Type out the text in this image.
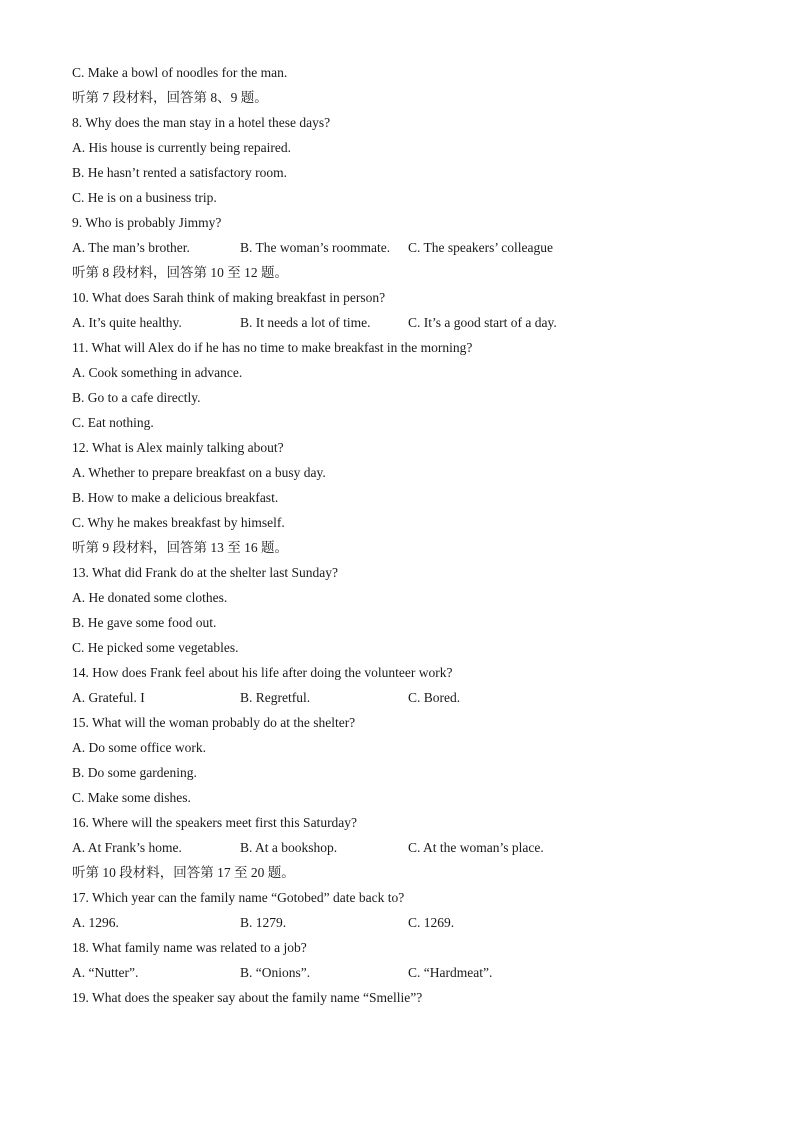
C. Make a bowl of noodles for the man.
听第 7 段材料，回答第 8、9 题。
8. Why does the man stay in a hotel these days?
A. His house is currently being repaired.
B. He hasn’t rented a satisfactory room.
C. He is on a business trip.
9. Who is probably Jimmy?
A. The man’s brother.	B. The woman’s roommate. C. The speakers’ colleague
听第 8 段材料，回答第 10 至 12 题。
10. What does Sarah think of making breakfast in person?
A. It’s quite healthy.	B. It needs a lot of time.	C. It’s a good start of a day.
11. What will Alex do if he has no time to make breakfast in the morning?
A. Cook something in advance.
B. Go to a cafe directly.
C. Eat nothing.
12. What is Alex mainly talking about?
A. Whether to prepare breakfast on a busy day.
B. How to make a delicious breakfast.
C. Why he makes breakfast by himself.
听第 9 段材料，回答第 13 至 16 题。
13. What did Frank do at the shelter last Sunday?
A. He donated some clothes.
B. He gave some food out.
C. He picked some vegetables.
14. How does Frank feel about his life after doing the volunteer work?
A. Grateful. I	B. Regretful.	C. Bored.
15. What will the woman probably do at the shelter?
A. Do some office work.
B. Do some gardening.
C. Make some dishes.
16. Where will the speakers meet first this Saturday?
A. At Frank’s home.	B. At a bookshop.	C. At the woman’s place.
听第 10 段材料，回答第 17 至 20 题。
17. Which year can the family name “Gotobed” date back to?
A. 1296.	B. 1279.	C. 1269.
18. What family name was related to a job?
A. “Nutter”.	B. “Onions”.	C. “Hardmeat”.
19. What does the speaker say about the family name “Smellie”?
